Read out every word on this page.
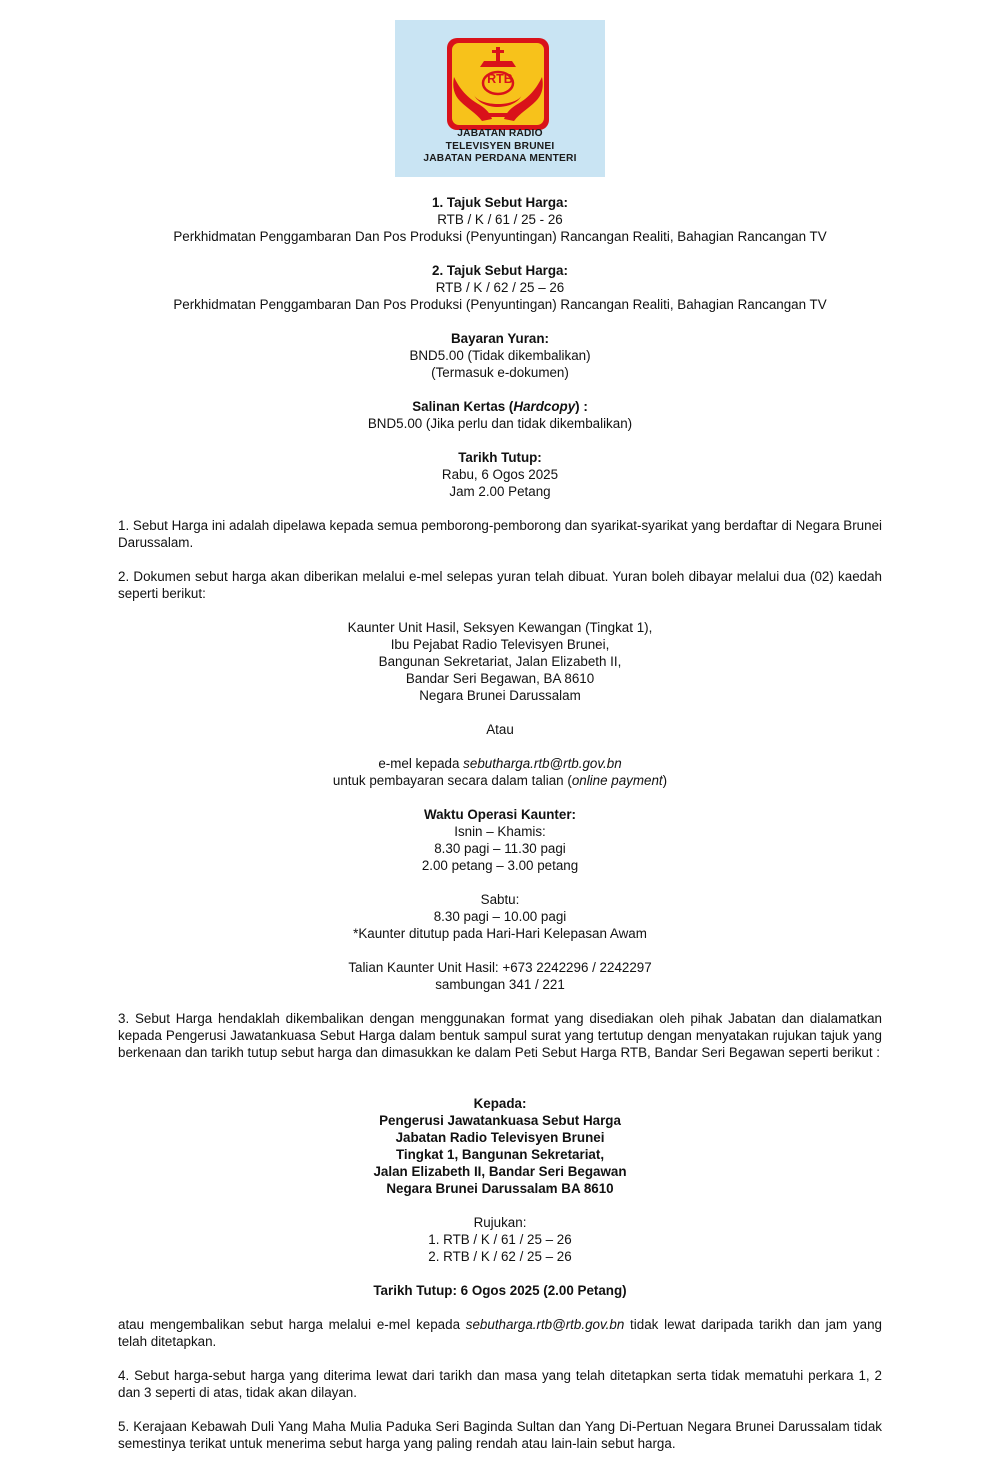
RTB
JABATAN RADIO
TELEVISYEN BRUNEI
JABATAN PERDANA MENTERI

1. Tajuk Sebut Harga:

RTB / K / 61 / 25 - 26

Perkhidmatan Penggambaran Dan Pos Produksi (Penyuntingan) Rancangan Realiti, Bahagian Rancangan TV

2. Tajuk Sebut Harga:

RTB / K / 62 / 25 – 26

Perkhidmatan Penggambaran Dan Pos Produksi (Penyuntingan) Rancangan Realiti, Bahagian Rancangan TV

Bayaran Yuran:

BND5.00 (Tidak dikembalikan)

(Termasuk e-dokumen)

Salinan Kertas (Hardcopy) :

BND5.00 (Jika perlu dan tidak dikembalikan)

Tarikh Tutup:

Rabu, 6 Ogos 2025

Jam 2.00 Petang

1. Sebut Harga ini adalah dipelawa kepada semua pemborong-pemborong dan syarikat-syarikat yang berdaftar di Negara Brunei Darussalam.

2. Dokumen sebut harga akan diberikan melalui e-mel selepas yuran telah dibuat. Yuran boleh dibayar melalui dua (02) kaedah seperti berikut:

Kaunter Unit Hasil, Seksyen Kewangan (Tingkat 1),

Ibu Pejabat Radio Televisyen Brunei,

Bangunan Sekretariat, Jalan Elizabeth II,

Bandar Seri Begawan, BA 8610

Negara Brunei Darussalam

Atau

e-mel kepada sebutharga.rtb@rtb.gov.bn

untuk pembayaran secara dalam talian (online payment)

Waktu Operasi Kaunter:

Isnin – Khamis:

8.30 pagi – 11.30 pagi

2.00 petang – 3.00 petang

Sabtu:

8.30 pagi – 10.00 pagi

*Kaunter ditutup pada Hari-Hari Kelepasan Awam

Talian Kaunter Unit Hasil: +673 2242296 / 2242297

sambungan 341 / 221

3. Sebut Harga hendaklah dikembalikan dengan menggunakan format yang disediakan oleh pihak Jabatan dan dialamatkan kepada Pengerusi Jawatankuasa Sebut Harga dalam bentuk sampul surat yang tertutup dengan menyatakan rujukan tajuk yang berkenaan dan tarikh tutup sebut harga dan dimasukkan ke dalam Peti Sebut Harga RTB, Bandar Seri Begawan seperti berikut :

Kepada:

Pengerusi Jawatankuasa Sebut Harga

Jabatan Radio Televisyen Brunei

Tingkat 1, Bangunan Sekretariat,

Jalan Elizabeth II, Bandar Seri Begawan

Negara Brunei Darussalam BA 8610

Rujukan:

1. RTB / K / 61 / 25 – 26

2. RTB / K / 62 / 25 – 26

Tarikh Tutup: 6 Ogos 2025 (2.00 Petang)

atau mengembalikan sebut harga melalui e-mel kepada sebutharga.rtb@rtb.gov.bn tidak lewat daripada tarikh dan jam yang telah ditetapkan.

4. Sebut harga-sebut harga yang diterima lewat dari tarikh dan masa yang telah ditetapkan serta tidak mematuhi perkara 1, 2 dan 3 seperti di atas, tidak akan dilayan.

5. Kerajaan Kebawah Duli Yang Maha Mulia Paduka Seri Baginda Sultan dan Yang Di-Pertuan Negara Brunei Darussalam tidak semestinya terikat untuk menerima sebut harga yang paling rendah atau lain-lain sebut harga.
